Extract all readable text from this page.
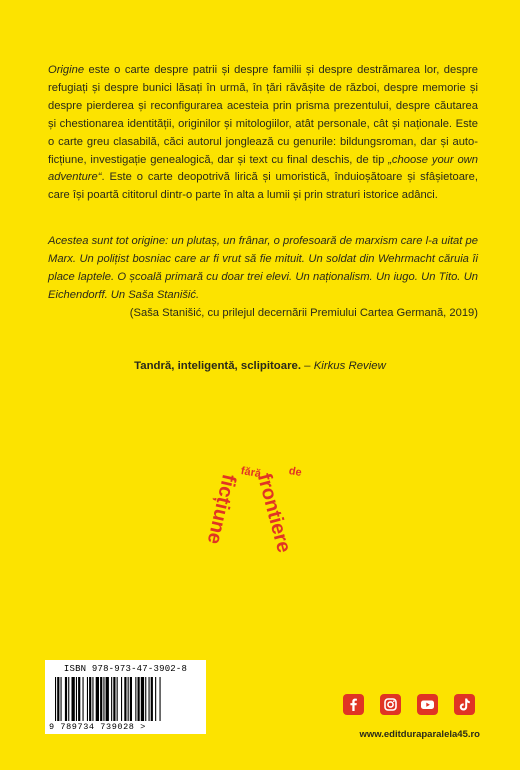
Origine este o carte despre patrii și despre familii și despre destrămarea lor, despre refugiați și despre bunici lăsați în urmă, în țări răvășite de război, despre memorie și despre pierderea și reconfigurarea acesteia prin prisma prezentului, despre căutarea și chestionarea identității, originilor și mitologiilor, atât personale, cât și naționale. Este o carte greu clasabilă, căci autorul jonglează cu genurile: bildungsroman, dar și auto-ficțiune, investigație genealogică, dar și text cu final deschis, de tip „choose your own adventure“. Este o carte deopotrivă lirică și umoristică, înduioșătoare și sfâșietoare, care își poartă cititorul dintr-o parte în alta a lumii și prin straturi istorice adânci.

Acestea sunt tot origine: un plutaș, un frânar, o profesoară de marxism care l-a uitat pe Marx. Un polițist bosniac care ar fi vrut să fie mituit. Un soldat din Wehrmacht căruia îi place laptele. O școală primară cu doar trei elevi. Un naționalism. Un iugo. Un Tito. Un Eichendorff. Un Saša Stanišić.

(Saša Stanišić, cu prilejul decernării Premiului Cartea Germană, 2019)

Tandră, inteligentă, sclipitoare. – Kirkus Review

ficțiune frontiere
fără de
ISBN 978-973-47-3902-8
9 789734 739028 >
www.editduraparalela45.ro
